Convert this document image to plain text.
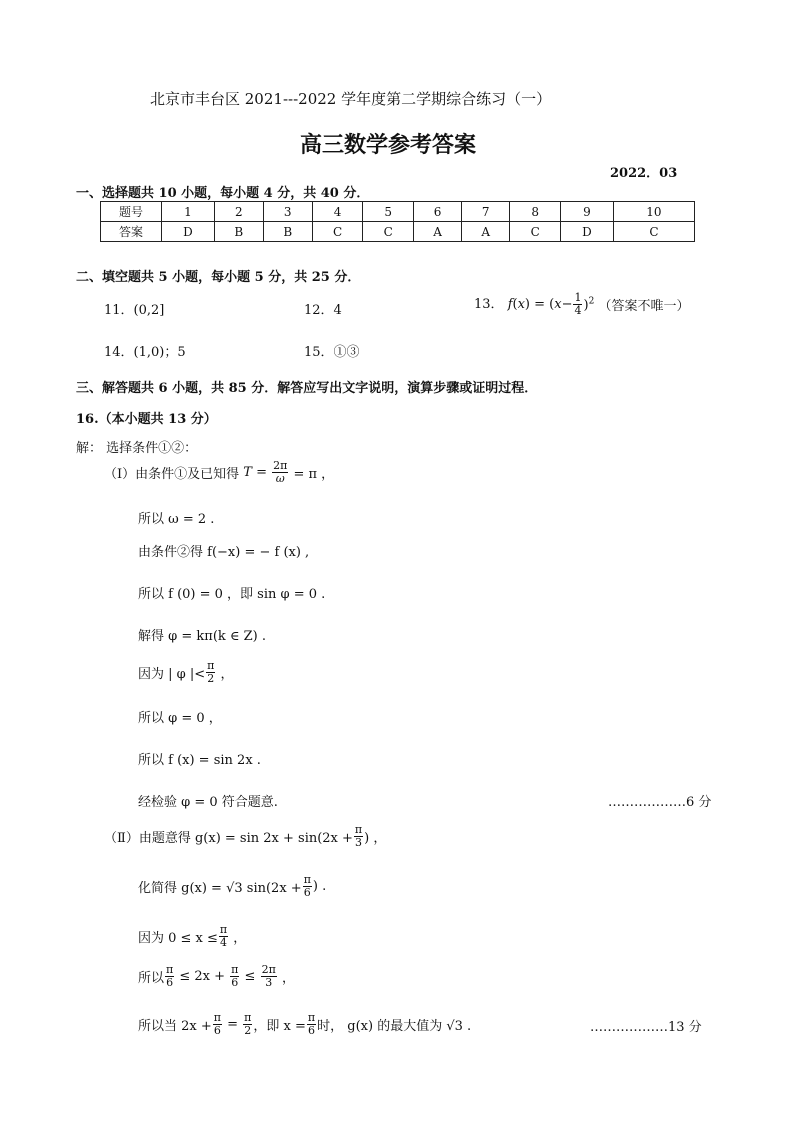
北京市丰台区 2021---2022 学年度第二学期综合练习（一）
高三数学参考答案
2022．03
一、选择题共 10 小题，每小题 4 分，共 40 分．
题号	1	2	3	4	5	6	7	8	9	10
答案	D	B	B	C	C	A	A	C	D	C
二、填空题共 5 小题，每小题 5 分，共 25 分．
11．(0,2]	12．4	13． $f(x) = (x- \frac{1}{4} )^2$ （答案不唯一）
14．(1,0)；5	15．①③
三、解答题共 6 小题，共 85 分．解答应写出文字说明，演算步骤或证明过程．
16.（本小题共 13 分）
解： 选择条件①②：
（Ⅰ）由条件①及已知得 $T = \frac{2\pi}{\omega} = \pi$ ，
所以 ω = 2 .
由条件②得 f(−x) = − f (x) ,
所以 f (0) = 0 ，即 sin φ = 0 .
解得 φ = kπ(k ∈ Z) .
因为 | φ |< $\frac{\pi}{2}$ ，
所以 φ = 0 ，
所以 f (x) = sin 2x .
经检验 φ = 0 符合题意.	………………6 分
（Ⅱ）由题意得 $g(x) = \sin 2x + \sin(2x + \frac{\pi}{3}$ ) ，
化简得 g(x) = √3 $\sin(2x + \frac{\pi}{6}$ ) .
因为 $0 \le x \le \frac{\pi}{4}$ ，
所以 $\frac{\pi}{6} \le 2x + \frac{\pi}{6} \le \frac{2\pi}{3}$ ，
所以当 $2x + \frac{\pi}{6} = \frac{\pi}{2}$ ，即 $x = \frac{\pi}{6}$ 时， g(x) 的最大值为 √3 .	………………13 分
